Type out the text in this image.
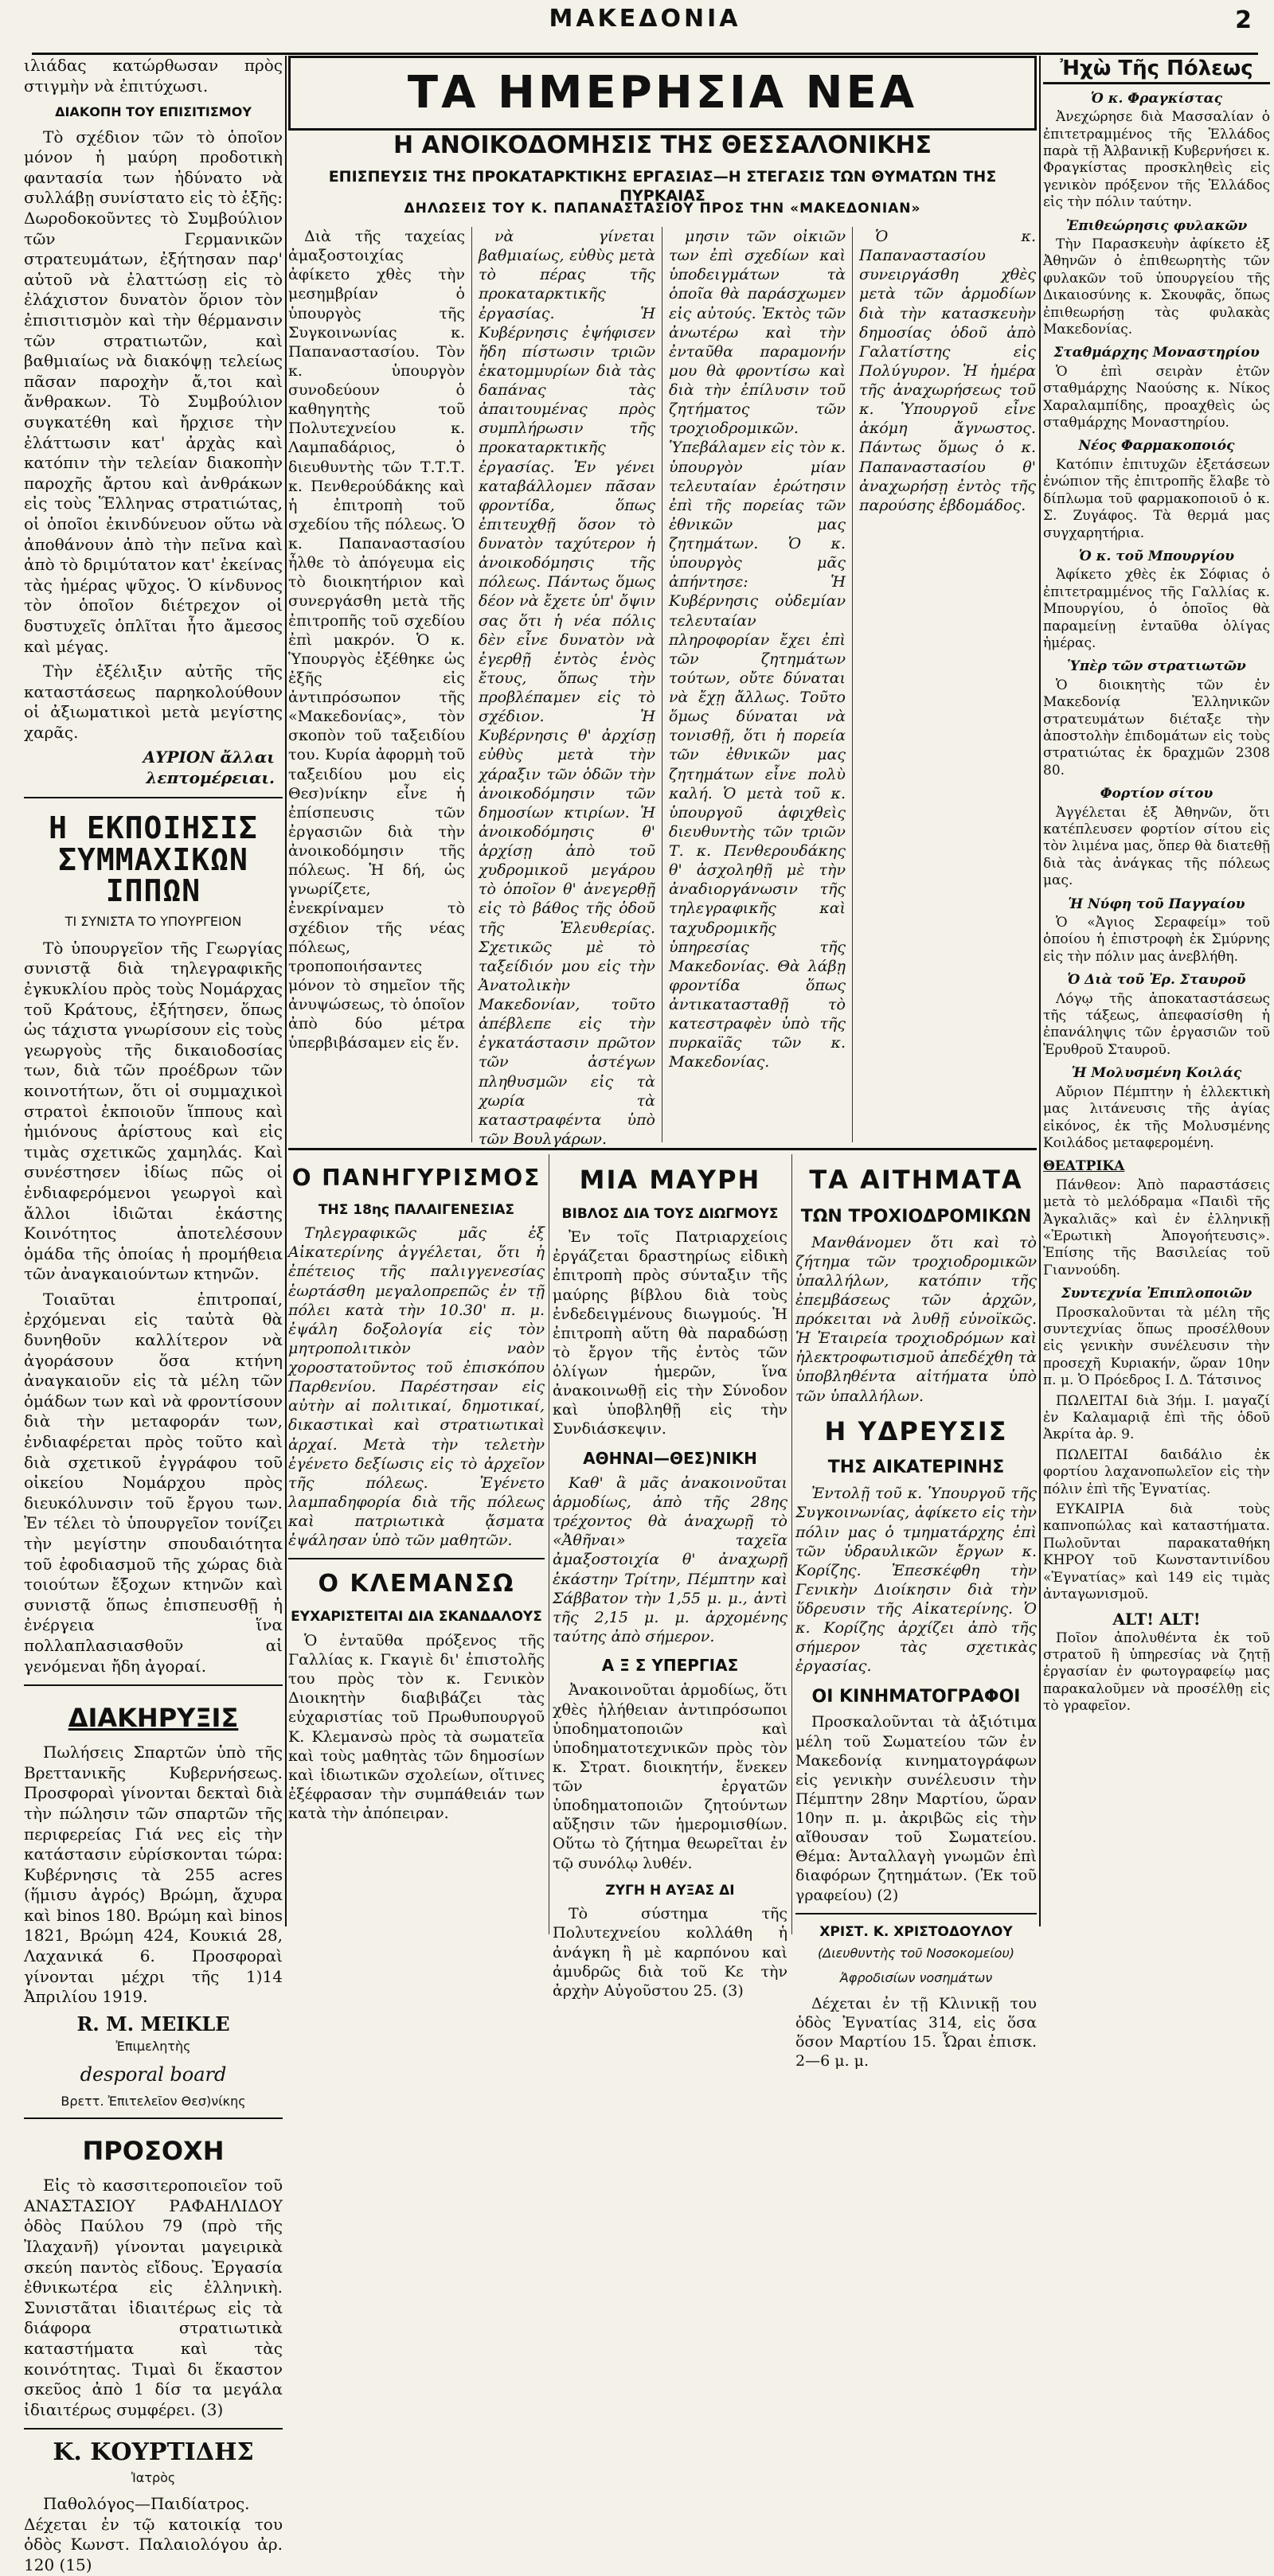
ΜΑΚΕΔΟΝΙΑ	2

ιλιάδας κατώρθωσαν πρὸς στιγμὴν νὰ ἐπιτύχωσι.

ΔΙΑΚΟΠΗ ΤΟΥ ΕΠΙΣΙΤΙΣΜΟΥ

Τὸ σχέδιον τῶν τὸ ὁποῖον μόνον ἡ μαύρη προδοτικὴ φαντασία των ἠδύνατο νὰ συλλάβῃ συνίστατο εἰς τὸ ἑξῆς: Δωροδοκοῦντες τὸ Συμβούλιον τῶν Γερμανικῶν στρατευμάτων, ἐξήτησαν παρ' αὐτοῦ νὰ ἐλαττώσῃ εἰς τὸ ἐλάχιστον δυνατὸν ὅριον τὸν ἐπισιτισμὸν καὶ τὴν θέρμανσιν τῶν στρατιωτῶν, καὶ βαθμιαίως νὰ διακόψῃ τελείως πᾶσαν παροχὴν ἄ,τοι καὶ ἄνθρακων. Τὸ Συμβούλιον συγκατέθη καὶ ἤρχισε τὴν ἐλάττωσιν κατ' ἀρχὰς καὶ κατόπιν τὴν τελείαν διακοπὴν παροχῆς ἄρτου καὶ ἀνθράκων εἰς τοὺς Ἕλληνας στρατιώτας, οἱ ὁποῖοι ἐκινδύνευον οὕτω νὰ ἀποθάνουν ἀπὸ τὴν πεῖνα καὶ ἀπὸ τὸ δριμύτατον κατ' ἐκείνας τὰς ἡμέρας ψῦχος. Ὁ κίνδυνος τὸν ὁποῖον διέτρεχον οἱ δυστυχεῖς ὁπλῖται ἦτο ἄμεσος καὶ μέγας.

Τὴν ἐξέλιξιν αὐτῆς τῆς καταστάσεως παρηκολούθουν οἱ ἀξιωματικοὶ μετὰ μεγίστης χαρᾶς.

ΑΥΡΙΟΝ ἄλλαι λεπτομέρειαι.
Η ΕΚΠΟΙΗΣΙΣ ΣΥΜΜΑΧΙΚΩΝ ΙΠΠΩΝ
ΤΙ ΣΥΝΙΣΤΑ ΤΟ ΥΠΟΥΡΓΕΙΟΝ

Τὸ ὑπουργεῖον τῆς Γεωργίας συνιστᾷ διὰ τηλεγραφικῆς ἐγκυκλίου πρὸς τοὺς Νομάρχας τοῦ Κράτους, ἐξήτησεν, ὅπως ὡς τάχιστα γνωρίσουν εἰς τοὺς γεωργοὺς τῆς δικαιοδοσίας των, διὰ τῶν προέδρων τῶν κοινοτήτων, ὅτι οἱ συμμαχικοὶ στρατοὶ ἐκποιοῦν ἵππους καὶ ἡμιόνους ἀρίστους καὶ εἰς τιμὰς σχετικῶς χαμηλάς. Καὶ συνέστησεν ἰδίως πῶς οἱ ἐνδιαφερόμενοι γεωργοὶ καὶ ἄλλοι ἰδιῶται ἑκάστης Κοινότητος ἀποτελέσουν ὁμάδα τῆς ὁποίας ἡ προμήθεια τῶν ἀναγκαιούντων κτηνῶν.

Τοιαῦται ἐπιτροπαί, ἐρχόμεναι εἰς ταὐτὰ θὰ δυνηθοῦν καλλίτερον νὰ ἀγοράσουν ὅσα κτήνη ἀναγκαιοῦν εἰς τὰ μέλη τῶν ὁμάδων των καὶ νὰ φροντίσουν διὰ τὴν μεταφοράν των, ἐνδιαφέρεται πρὸς τοῦτο καὶ διὰ σχετικοῦ ἐγγράφου τοῦ οἰκείου Νομάρχου πρὸς διευκόλυνσιν τοῦ ἔργου των. Ἐν τέλει τὸ ὑπουργεῖον τονίζει τὴν μεγίστην σπουδαιότητα τοῦ ἐφοδιασμοῦ τῆς χώρας διὰ τοιούτων ἔξοχων κτηνῶν καὶ συνιστᾷ ὅπως ἐπισπευσθῇ ἡ ἐνέργεια ἵνα πολλαπλασιασθοῦν αἱ γενόμεναι ἤδη ἀγοραί.

ΔΙΑΚΗΡΥΞΙΣ

Πωλήσεις Σπαρτῶν ὑπὸ τῆς Βρεττανικῆς Κυβερνήσεως. Προσφοραὶ γίνονται δεκταὶ διὰ τὴν πώλησιν τῶν σπαρτῶν τῆς περιφερείας Γιά νες εἰς τὴν κατάστασιν εὑρίσκονται τώρα: Κυβέρνησις τὰ 255 acres (ἥμισυ ἀγρός) Βρώμη, ἄχυρα καὶ binos 180. Βρώμη καὶ binos 1821, Βρώμη 424, Κουκιά 28, Λαχανικά 6. Προσφοραὶ γίνονται μέχρι τῆς 1)14 Ἀπριλίου 1919.

R. M. MEIKLE
Ἐπιμελητὴς
desporal board
Βρεττ. Ἐπιτελεῖον Θεσ)νίκης
ΠΡΟΣΟΧΗ

Εἰς τὸ κασσιτεροποιεῖον τοῦ ΑΝΑΣΤΑΣΙΟΥ ΡΑΦΑΗΛΙΔΟΥ ὁδὸς Παύλου 79 (πρὸ τῆς Ἰλαχανῆ) γίνονται μαγειρικὰ σκεύη παντὸς εἴδους. Ἐργασία ἐθνικωτέρα εἰς ἐλληνικὴ. Συνιστᾶται ἰδιαιτέρως εἰς τὰ διάφορα στρατιωτικὰ καταστήματα καὶ τὰς κοινότητας. Τιμαὶ δι ἕκαστον σκεῦος ἀπὸ 1 δίσ τα μεγάλα ἰδιαιτέρως συμφέρει. (3)

Κ. ΚΟΥΡΤΙΔΗΣ
Ἰατρὸς

Παθολόγος—Παιδίατρος. Δέχεται ἐν τῷ κατοικίᾳ του ὁδὸς Κωνστ. Παλαιολόγου ἀρ. 120 (15)

ΤΑ ΗΜΕΡΗΣΙΑ ΝΕΑ
Η ΑΝΟΙΚΟΔΟΜΗΣΙΣ ΤΗΣ ΘΕΣΣΑΛΟΝΙΚΗΣ
ΕΠΙΣΠΕΥΣΙΣ ΤΗΣ ΠΡΟΚΑΤΑΡΚΤΙΚΗΣ ΕΡΓΑΣΙΑΣ—Η ΣΤΕΓΑΣΙΣ ΤΩΝ ΘΥΜΑΤΩΝ ΤΗΣ ΠΥΡΚΑΙΑΣ
ΔΗΛΩΣΕΙΣ ΤΟΥ Κ. ΠΑΠΑΝΑΣΤΑΣΙΟΥ ΠΡΟΣ ΤΗΝ «ΜΑΚΕΔΟΝΙΑΝ»

Διὰ τῆς ταχείας ἀμαξοστοιχίας ἀφίκετο χθὲς τὴν μεσημβρίαν ὁ ὑπουργὸς τῆς Συγκοινωνίας κ. Παπαναστασίου. Τὸν κ. ὑπουργὸν συνοδεύουν ὁ καθηγητὴς τοῦ Πολυτεχνείου κ. Λαμπαδάριος, ὁ διευθυντὴς τῶν Τ.Τ.Τ. κ. Πενθερούδάκης καὶ ἡ ἐπιτροπὴ τοῦ σχεδίου τῆς πόλεως. Ὁ κ. Παπαναστασίου ἦλθε τὸ ἀπόγευμα εἰς τὸ διοικητήριον καὶ συνεργάσθη μετὰ τῆς ἐπιτροπῆς τοῦ σχεδίου ἐπὶ μακρόν. Ὁ κ. Ὑπουργὸς ἐξέθηκε ὡς ἐξῆς εἰς ἀντιπρόσωπον τῆς «Μακεδονίας», τὸν σκοπὸν τοῦ ταξειδίου του. Κυρία ἀφορμὴ τοῦ ταξειδίου μου εἰς Θεσ)νίκην εἶνε ἡ ἐπίσπευσις τῶν ἐργασιῶν διὰ τὴν ἀνοικοδόμησιν τῆς πόλεως. Ἡ δή, ὡς γνωρίζετε, ἐνεκρίναμεν τὸ σχέδιον τῆς νέας πόλεως, τροποποιήσαντες μόνον τὸ σημεῖον τῆς ἀνυψώσεως, τὸ ὁποῖον ἀπὸ δύο μέτρα ὑπερβιβάσαμεν εἰς ἕν.

νὰ γίνεται βαθμιαίως, εὐθὺς μετὰ τὸ πέρας τῆς προκαταρκτικῆς ἐργασίας. Ἡ Κυβέρνησις ἐψήφισεν ἤδη πίστωσιν τριῶν ἑκατομμυρίων διὰ τὰς δαπάνας τὰς ἀπαιτουμένας πρὸς συμπλήρωσιν τῆς προκαταρκτικῆς ἐργασίας. Ἐν γένει καταβάλλομεν πᾶσαν φροντίδα, ὅπως ἐπιτευχθῇ ὅσον τὸ δυνατὸν ταχύτερον ἡ ἀνοικοδόμησις τῆς πόλεως. Πάντως ὅμως δέον νὰ ἔχετε ὑπ' ὄψιν σας ὅτι ἡ νέα πόλις δὲν εἶνε δυνατὸν νὰ ἐγερθῇ ἐντὸς ἑνὸς ἔτους, ὅπως τὴν προβλέπαμεν εἰς τὸ σχέδιον. Ἡ Κυβέρνησις θ' ἀρχίσῃ εὐθὺς μετὰ τὴν χάραξιν τῶν ὁδῶν τὴν ἀνοικοδόμησιν τῶν δημοσίων κτιρίων. Ἡ ἀνοικοδόμησις θ' ἀρχίσῃ ἀπὸ τοῦ χυδρομικοῦ μεγάρου τὸ ὁποῖον θ' ἀνεγερθῇ εἰς τὸ βάθος τῆς ὁδοῦ τῆς Ἐλευθερίας. Σχετικῶς μὲ τὸ ταξείδιόν μου εἰς τὴν Ἀνατολικὴν Μακεδονίαν, τοῦτο ἀπέβλεπε εἰς τὴν ἐγκατάστασιν πρῶτον τῶν ἀστέγων πληθυσμῶν εἰς τὰ χωρία τὰ καταστραφέντα ὑπὸ τῶν Βουλγάρων.

μησιν τῶν οἰκιῶν των ἐπὶ σχεδίων καὶ ὑποδειγμάτων τὰ ὁποῖα θὰ παράσχωμεν εἰς αὐτούς. Ἐκτὸς τῶν ἀνωτέρω καὶ τὴν ἐνταῦθα παραμονήν μου θὰ φροντίσω καὶ διὰ τὴν ἐπίλυσιν τοῦ ζητήματος τῶν τροχιοδρομικῶν. Ὑπεβάλαμεν εἰς τὸν κ. ὑπουργὸν μίαν τελευταίαν ἐρώτησιν ἐπὶ τῆς πορείας τῶν ἐθνικῶν μας ζητημάτων. Ὁ κ. ὑπουργὸς μᾶς ἀπήντησε: Ἡ Κυβέρνησις οὐδεμίαν τελευταίαν πληροφορίαν ἔχει ἐπὶ τῶν ζητημάτων τούτων, οὔτε δύναται νὰ ἔχῃ ἄλλως. Τοῦτο ὅμως δύναται νὰ τονισθῇ, ὅτι ἡ πορεία τῶν ἐθνικῶν μας ζητημάτων εἶνε πολὺ καλή. Ὁ μετὰ τοῦ κ. ὑπουργοῦ ἀφιχθεὶς διευθυντὴς τῶν τριῶν Τ. κ. Πενθερουδάκης θ' ἀσχοληθῇ μὲ τὴν ἀναδιοργάνωσιν τῆς τηλεγραφικῆς καὶ ταχυδρομικῆς ὑπηρεσίας τῆς Μακεδονίας. Θὰ λάβῃ φροντίδα ὅπως ἀντικατασταθῇ τὸ κατεστραφὲν ὑπὸ τῆς πυρκαϊᾶς τῶν κ. Μακεδονίας.

Ὁ κ. Παπαναστασίου συνειργάσθη χθὲς μετὰ τῶν ἁρμοδίων διὰ τὴν κατασκευὴν δημοσίας ὁδοῦ ἀπὸ Γαλατίστης εἰς Πολύγυρον. Ἡ ἡμέρα τῆς ἀναχωρήσεως τοῦ κ. Ὑπουργοῦ εἶνε ἀκόμη ἄγνωστος. Πάντως ὅμως ὁ κ. Παπαναστασίου θ' ἀναχωρήσῃ ἐντὸς τῆς παρούσης ἑβδομάδος.

Ο ΠΑΝΗΓΥΡΙΣΜΟΣ
ΤΗΣ 18ης ΠΑΛΑΙΓΕΝΕΣΙΑΣ

Τηλεγραφικῶς μᾶς ἐξ Αἰκατερίνης ἀγγέλεται, ὅτι ἡ ἐπέτειος τῆς παλιγγενεσίας ἑωρτάσθη μεγαλοπρεπῶς ἐν τῇ πόλει κατὰ τὴν 10.30' π. μ. ἐψάλη δοξολογία εἰς τὸν μητροπολιτικὸν ναὸν χοροστατοῦντος τοῦ ἐπισκόπου Παρθενίου. Παρέστησαν εἰς αὐτὴν αἱ πολιτικαί, δημοτικαί, δικαστικαὶ καὶ στρατιωτικαὶ ἀρχαί. Μετὰ τὴν τελετὴν ἐγένετο δεξίωσις εἰς τὸ ἀρχεῖον τῆς πόλεως. Ἐγένετο λαμπαδηφορία διὰ τῆς πόλεως καὶ πατριωτικὰ ᾄσματα ἐψάλησαν ὑπὸ τῶν μαθητῶν.

Ο ΚΛΕΜΑΝΣΩ
ΕΥΧΑΡΙΣΤΕΙΤΑΙ ΔΙΑ ΣΚΑΝΔΑΛΟΥΣ

Ὁ ἐνταῦθα πρόξενος τῆς Γαλλίας κ. Γκαγιὲ δι' ἐπιστολῆς του πρὸς τὸν κ. Γενικὸν Διοικητὴν διαβιβάζει τὰς εὐχαριστίας τοῦ Πρωθυπουργοῦ Κ. Κλεμανσὼ πρὸς τὰ σωματεῖα καὶ τοὺς μαθητὰς τῶν δημοσίων καὶ ἰδιωτικῶν σχολείων, οἵτινες ἐξέφρασαν τὴν συμπάθειάν των κατὰ τὴν ἀπόπειραν.

ΜΙΑ ΜΑΥΡΗ
ΒΙΒΛΟΣ ΔΙΑ ΤΟΥΣ ΔΙΩΓΜΟΥΣ

Ἐν τοῖς Πατριαρχείοις ἐργάζεται δραστηρίως εἰδικὴ ἐπιτροπὴ πρὸς σύνταξιν τῆς μαύρης βίβλου διὰ τοὺς ἐνδεδειγμένους διωγμούς. Ἡ ἐπιτροπὴ αὕτη θὰ παραδώσῃ τὸ ἔργον τῆς ἐντὸς τῶν ὀλίγων ἡμερῶν, ἵνα ἀνακοινωθῇ εἰς τὴν Σύνοδον καὶ ὑποβληθῇ εἰς τὴν Συνδιάσκεψιν.

ΑΘΗΝΑΙ—ΘΕΣ)ΝΙΚΗ

Καθ' ἃ μᾶς ἀνακοινοῦται ἁρμοδίως, ἀπὸ τῆς 28ης τρέχοντος θὰ ἀναχωρῇ τὸ «Ἀθῆναι» ταχεῖα ἀμαξοστοιχία θ' ἀναχωρῇ ἑκάστην Τρίτην, Πέμπτην καὶ Σάββατον τὴν 1,55 μ. μ., ἀντὶ τῆς 2,15 μ. μ. ἀρχομένης ταύτης ἀπὸ σήμερον.

Α Ξ Σ ΥΠΕΡΓΙΑΣ

Ἀνακοινοῦται ἁρμοδίως, ὅτι χθὲς ἠλήθειαν ἀντιπρόσωποι ὑποδηματοποιῶν καὶ ὑποδηματοτεχνικῶν πρὸς τὸν κ. Στρατ. διοικητήν, ἕνεκεν τῶν ἐργατῶν ὑποδηματοποιῶν ζητούντων αὔξησιν τῶν ἡμερομισθίων. Οὕτω τὸ ζήτημα θεωρεῖται ἐν τῷ συνόλῳ λυθέν.

ΖΥΓΗ Η ΑΥΞΑΣ ΔΙ

Τὸ σύστημα τῆς Πολυτεχνείου κολλάθη ἡ ἀνάγκη ἢ μὲ καρπόνου καὶ ἀμυδρῶς διὰ τοῦ Κε τὴν ἀρχὴν Αὐγοῦστου 25. (3)

ΤΑ ΑΙΤΗΜΑΤΑ
ΤΩΝ ΤΡΟΧΙΟΔΡΟΜΙΚΩΝ

Μανθάνομεν ὅτι καὶ τὸ ζήτημα τῶν τροχιοδρομικῶν ὑπαλλήλων, κατόπιν τῆς ἐπεμβάσεως τῶν ἀρχῶν, πρόκειται νὰ λυθῇ εὐνοϊκῶς. Ἡ Ἑταιρεία τροχιοδρόμων καὶ ἠλεκτροφωτισμοῦ ἀπεδέχθη τὰ ὑποβληθέντα αἰτήματα ὑπὸ τῶν ὑπαλλήλων.

Η ΥΔΡΕΥΣΙΣ
ΤΗΣ ΑΙΚΑΤΕΡΙΝΗΣ

Ἐντολῇ τοῦ κ. Ὑπουργοῦ τῆς Συγκοινωνίας, ἀφίκετο εἰς τὴν πόλιν μας ὁ τμηματάρχης ἐπὶ τῶν ὑδραυλικῶν ἔργων κ. Κορίζης. Ἐπεσκέφθη τὴν Γενικὴν Διοίκησιν διὰ τὴν ὕδρευσιν τῆς Αἰκατερίνης. Ὁ κ. Κορίζης ἀρχίζει ἀπὸ τῆς σήμερον τὰς σχετικὰς ἐργασίας.

ΟΙ ΚΙΝΗΜΑΤΟΓΡΑΦΟΙ

Προσκαλοῦνται τὰ ἀξιότιμα μέλη τοῦ Σωματείου τῶν ἐν Μακεδονίᾳ κινηματογράφων εἰς γενικὴν συνέλευσιν τὴν Πέμπτην 28ην Μαρτίου, ὥραν 10ην π. μ. ἀκριβῶς εἰς τὴν αἴθουσαν τοῦ Σωματείου. Θέμα: Ἀνταλλαγὴ γνωμῶν ἐπὶ διαφόρων ζητημάτων. (Ἐκ τοῦ γραφείου) (2)

ΧΡΙΣΤ. Κ. ΧΡΙΣΤΟΔΟΥΛΟΥ
(Διευθυντὴς τοῦ Νοσοκομείου)
Ἀφροδισίων νοσημάτων

Δέχεται ἐν τῇ Κλινικῇ του ὁδὸς Ἐγνατίας 314, εἰς ὅσα ὅσον Μαρτίου 15. Ὧραι ἐπισκ. 2—6 μ. μ.

Ἠχὼ Τῆς Πόλεως
Ὁ κ. Φραγκίστας

Ἀνεχώρησε διὰ Μασσαλίαν ὁ ἐπιτετραμμένος τῆς Ἑλλάδος παρὰ τῇ Ἀλβανικῇ Κυβερνήσει κ. Φραγκίστας προσκληθεὶς εἰς γενικὸν πρόξενον τῆς Ἑλλάδος εἰς τὴν πόλιν ταύτην.

Ἐπιθεώρησις φυλακῶν

Τὴν Παρασκευὴν ἀφίκετο ἐξ Ἀθηνῶν ὁ ἐπιθεωρητὴς τῶν φυλακῶν τοῦ ὑπουργείου τῆς Δικαιοσύνης κ. Σκουφᾶς, ὅπως ἐπιθεωρήσῃ τὰς φυλακὰς Μακεδονίας.

Σταθμάρχης Μοναστηρίου

Ὁ ἐπὶ σειρὰν ἐτῶν σταθμάρχης Ναούσης κ. Νίκος Χαραλαμπίδης, προαχθεὶς ὡς σταθμάρχης Μοναστηρίου.

Νέος Φαρμακοποιός

Κατόπιν ἐπιτυχῶν ἐξετάσεων ἐνώπιον τῆς ἐπιτροπῆς ἔλαβε τὸ δίπλωμα τοῦ φαρμακοποιοῦ ὁ κ. Σ. Ζυγάφος. Τὰ θερμά μας συγχαρητήρια.

Ὁ κ. τοῦ Μπουργίου

Ἀφίκετο χθὲς ἐκ Σόφιας ὁ ἐπιτετραμμένος τῆς Γαλλίας κ. Μπουργίου, ὁ ὁποῖος θὰ παραμείνῃ ἐνταῦθα ὀλίγας ἡμέρας.

Ὑπὲρ τῶν στρατιωτῶν

Ὁ διοικητὴς τῶν ἐν Μακεδονίᾳ Ἑλληνικῶν στρατευμάτων διέταξε τὴν ἀποστολὴν ἐπιδομάτων εἰς τοὺς στρατιώτας ἐκ δραχμῶν 2308 80.

Φορτίον σίτου

Ἀγγέλεται ἐξ Ἀθηνῶν, ὅτι κατέπλευσεν φορτίον σίτου εἰς τὸν λιμένα μας, ὅπερ θὰ διατεθῇ διὰ τὰς ἀνάγκας τῆς πόλεως μας.

Ἡ Νύφη τοῦ Παγγαίου

Ὁ «Ἀγιος Σεραφείμ» τοῦ ὁποίου ἡ ἐπιστροφὴ ἐκ Σμύρνης εἰς τὴν πόλιν μας ἀνεβλήθη.

Ὁ Διὰ τοῦ Ἐρ. Σταυροῦ

Λόγῳ τῆς ἀποκαταστάσεως τῆς τάξεως, ἀπεφασίσθη ἡ ἐπανάληψις τῶν ἐργασιῶν τοῦ Ἐρυθροῦ Σταυροῦ.

Ἡ Μολυσμένη Κοιλάς

Αὔριον Πέμπτην ἡ ἑλλεκτικὴ μας λιτάνευσις τῆς ἁγίας εἰκόνος, ἐκ τῆς Μολυσμένης Κοιλάδος μεταφερομένη.

ΘΕΑΤΡΙΚΑ

Πάνθεον: Ἀπὸ παραστάσεις μετὰ τὸ μελόδραμα «Παιδὶ τῆς Ἀγκαλιᾶς» καὶ ἐν ἐλληνικῇ «Ἐρωτικὴ Ἀπογοήτευσις». Ἐπίσης τῆς Βασιλείας τοῦ Γιαννούδη.

Συντεχνία Ἐπιπλοποιῶν

Προσκαλοῦνται τὰ μέλη τῆς συντεχνίας ὅπως προσέλθουν εἰς γενικὴν συνέλευσιν τὴν προσεχῆ Κυριακήν, ὥραν 10ην π. μ. Ὁ Πρόεδρος Ι. Δ. Τάτσινος

ΠΩΛΕΙΤΑΙ διὰ 3ήμ. Ι. μαγαζί ἐν Καλαμαριᾷ ἐπὶ τῆς ὁδοῦ Ἀκρίτα ἀρ. 9.

ΠΩΛΕΙΤΑΙ δαιδάλιο ἐκ φορτίου λαχανοπωλεῖον εἰς τὴν πόλιν ἐπὶ τῆς Ἐγνατίας.

ΕΥΚΑΙΡΙΑ διὰ τοὺς καπνοπώλας καὶ καταστήματα. Πωλοῦνται παρακαταθήκη ΚΗΡΟΥ τοῦ Κωνσταντινίδου «Ἐγνατίας» καὶ 149 εἰς τιμὰς ἀνταγωνισμοῦ.

ALT! ALT!

Ποῖον ἀπολυθέντα ἐκ τοῦ στρατοῦ ἢ ὑπηρεσίας νὰ ζητῇ ἐργασίαν ἐν φωτογραφείῳ μας παρακαλοῦμεν νὰ προσέλθῃ εἰς τὸ γραφεῖον.
